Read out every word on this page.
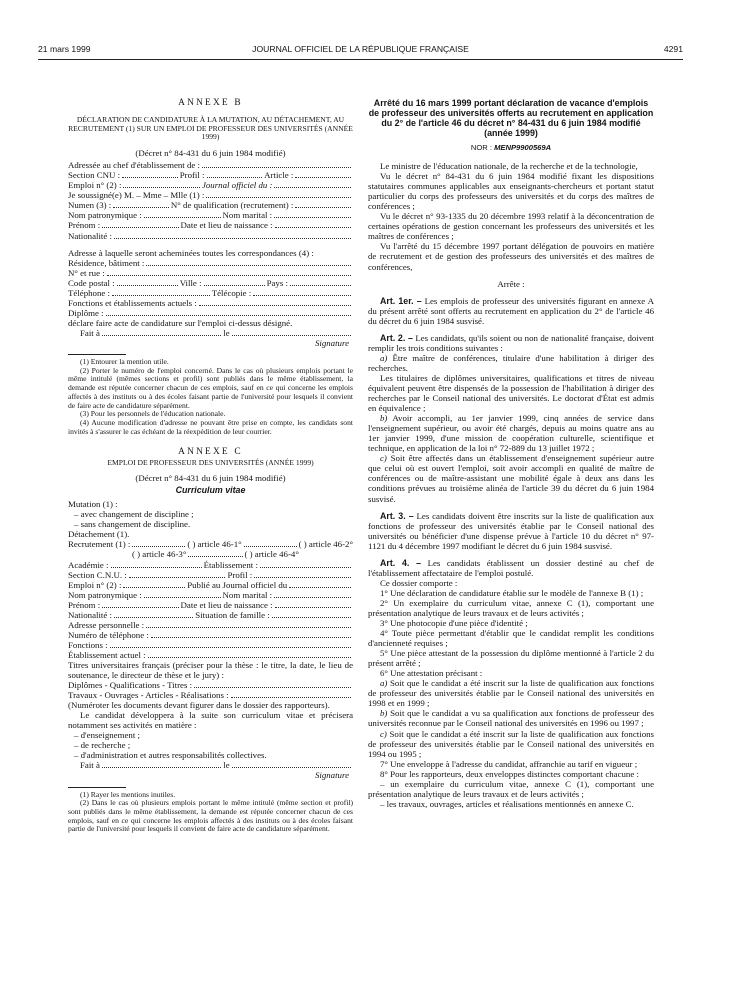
21 mars 1999	JOURNAL OFFICIEL DE LA RÉPUBLIQUE FRANÇAISE	4291

ANNEXE B

DÉCLARATION DE CANDIDATURE À LA MUTATION, AU DÉTACHEMENT, AU RECRUTEMENT (1) SUR UN EMPLOI DE PROFESSEUR DES UNIVERSITÉS (ANNÉE 1999)

(Décret n° 84-431 du 6 juin 1984 modifié)

Adressée au chef d'établissement de :
Section CNU :	Profil :	Article :
Emploi n° (2) :	Journal officiel du :
Je soussigné(e) M. – Mme – Mlle (1) :
Numen (3) :	N° de qualification (recrutement) :
Nom patronymique :	Nom marital :
Prénom :	Date et lieu de naissance :
Nationalité :

Adresse à laquelle seront acheminées toutes les correspondances (4) :

Résidence, bâtiment :
N° et rue :
Code postal :	Ville :	Pays :
Téléphone :	Télécopie :
Fonctions et établissements actuels :
Diplôme :

déclare faire acte de candidature sur l'emploi ci-dessus désigné.

Fait à	le

Signature

(1) Entourer la mention utile.

(2) Porter le numéro de l'emploi concerné. Dans le cas où plusieurs emplois portant le même intitulé (mêmes sections et profil) sont publiés dans le même établissement, la demande est réputée concerner chacun de ces emplois, sauf en ce qui concerne les emplois affectés à des instituts ou à des écoles faisant partie de l'université pour lesquels il convient de faire acte de candidature séparément.

(3) Pour les personnels de l'éducation nationale.

(4) Aucune modification d'adresse ne pouvant être prise en compte, les candidats sont invités à s'assurer le cas échéant de la réexpédition de leur courrier.

ANNEXE C

EMPLOI DE PROFESSEUR DES UNIVERSITÉS (ANNÉE 1999)

(Décret n° 84-431 du 6 juin 1984 modifié)

Curriculum vitae

Mutation (1) :

– avec changement de discipline ;

– sans changement de discipline.

Détachement (1).

Recrutement (1) :	( ) article 46-1°	( ) article 46-2°
( ) article 46-3°	( ) article 46-4°
Académie :	Établissement :
Section C.N.U. :	Profil :
Emploi n° (2) :	Publié au Journal officiel du
Nom patronymique :	Nom marital :
Prénom :	Date et lieu de naissance :
Nationalité :	Situation de famille :
Adresse personnelle :
Numéro de téléphone :
Fonctions :
Établissement actuel :

Titres universitaires français (préciser pour la thèse : le titre, la date, le lieu de soutenance, le directeur de thèse et le jury) :

Diplômes - Qualifications - Titres :
Travaux - Ouvrages - Articles - Réalisations :

(Numéroter les documents devant figurer dans le dossier des rapporteurs).

Le candidat développera à la suite son curriculum vitae et précisera notamment ses activités en matière :

– d'enseignement ;

– de recherche ;

– d'administration et autres responsabilités collectives.

Fait à	le

Signature

(1) Rayer les mentions inutiles.

(2) Dans le cas où plusieurs emplois portant le même intitulé (même section et profil) sont publiés dans le même établissement, la demande est réputée concerner chacun de ces emplois, sauf en ce qui concerne les emplois affectés à des instituts ou à des écoles faisant partie de l'université pour lesquels il convient de faire acte de candidature séparément.

Arrêté du 16 mars 1999 portant déclaration de vacance d'emplois de professeur des universités offerts au recrutement en application du 2° de l'article 46 du décret n° 84-431 du 6 juin 1984 modifié (année 1999)

NOR : MENP9900569A

Le ministre de l'éducation nationale, de la recherche et de la technologie,

Vu le décret n° 84-431 du 6 juin 1984 modifié fixant les dispositions statutaires communes applicables aux enseignants-chercheurs et portant statut particulier du corps des professeurs des universités et du corps des maîtres de conférences ;

Vu le décret n° 93-1335 du 20 décembre 1993 relatif à la déconcentration de certaines opérations de gestion concernant les professeurs des universités et les maîtres de conférences ;

Vu l'arrêté du 15 décembre 1997 portant délégation de pouvoirs en matière de recrutement et de gestion des professeurs des universités et des maîtres de conférences,

Arrête :

Art. 1er. – Les emplois de professeur des universités figurant en annexe A du présent arrêté sont offerts au recrutement en application du 2° de l'article 46 du décret du 6 juin 1984 susvisé.

Art. 2. – Les candidats, qu'ils soient ou non de nationalité française, doivent remplir les trois conditions suivantes :

a) Être maître de conférences, titulaire d'une habilitation à diriger des recherches.

Les titulaires de diplômes universitaires, qualifications et titres de niveau équivalent peuvent être dispensés de la possession de l'habilitation à diriger des recherches par le Conseil national des universités. Le doctorat d'État est admis en équivalence ;

b) Avoir accompli, au 1er janvier 1999, cinq années de service dans l'enseignement supérieur, ou avoir été chargés, depuis au moins quatre ans au 1er janvier 1999, d'une mission de coopération culturelle, scientifique et technique, en application de la loi n° 72-889 du 13 juillet 1972 ;

c) Soit être affectés dans un établissement d'enseignement supérieur autre que celui où est ouvert l'emploi, soit avoir accompli en qualité de maître de conférences ou de maître-assistant une mobilité égale à deux ans dans les conditions prévues au troisième alinéa de l'article 39 du décret du 6 juin 1984 susvisé.

Art. 3. – Les candidats doivent être inscrits sur la liste de qualification aux fonctions de professeur des universités établie par le Conseil national des universités ou bénéficier d'une dispense prévue à l'article 10 du décret n° 97-1121 du 4 décembre 1997 modifiant le décret du 6 juin 1984 susvisé.

Art. 4. – Les candidats établissent un dossier destiné au chef de l'établissement affectataire de l'emploi postulé.

Ce dossier comporte :

1° Une déclaration de candidature établie sur le modèle de l'annexe B (1) ;

2° Un exemplaire du curriculum vitae, annexe C (1), comportant une présentation analytique de leurs travaux et de leurs activités ;

3° Une photocopie d'une pièce d'identité ;

4° Toute pièce permettant d'établir que le candidat remplit les conditions d'ancienneté requises ;

5° Une pièce attestant de la possession du diplôme mentionné à l'article 2 du présent arrêté ;

6° Une attestation précisant :

a) Soit que le candidat a été inscrit sur la liste de qualification aux fonctions de professeur des universités établie par le Conseil national des universités en 1998 et en 1999 ;

b) Soit que le candidat a vu sa qualification aux fonctions de professeur des universités reconnue par le Conseil national des universités en 1996 ou 1997 ;

c) Soit que le candidat a été inscrit sur la liste de qualification aux fonctions de professeur des universités établie par le Conseil national des universités en 1994 ou 1995 ;

7° Une enveloppe à l'adresse du candidat, affranchie au tarif en vigueur ;

8° Pour les rapporteurs, deux enveloppes distinctes comportant chacune :

– un exemplaire du curriculum vitae, annexe C (1), comportant une présentation analytique de leurs travaux et de leurs activités ;

– les travaux, ouvrages, articles et réalisations mentionnés en annexe C.
